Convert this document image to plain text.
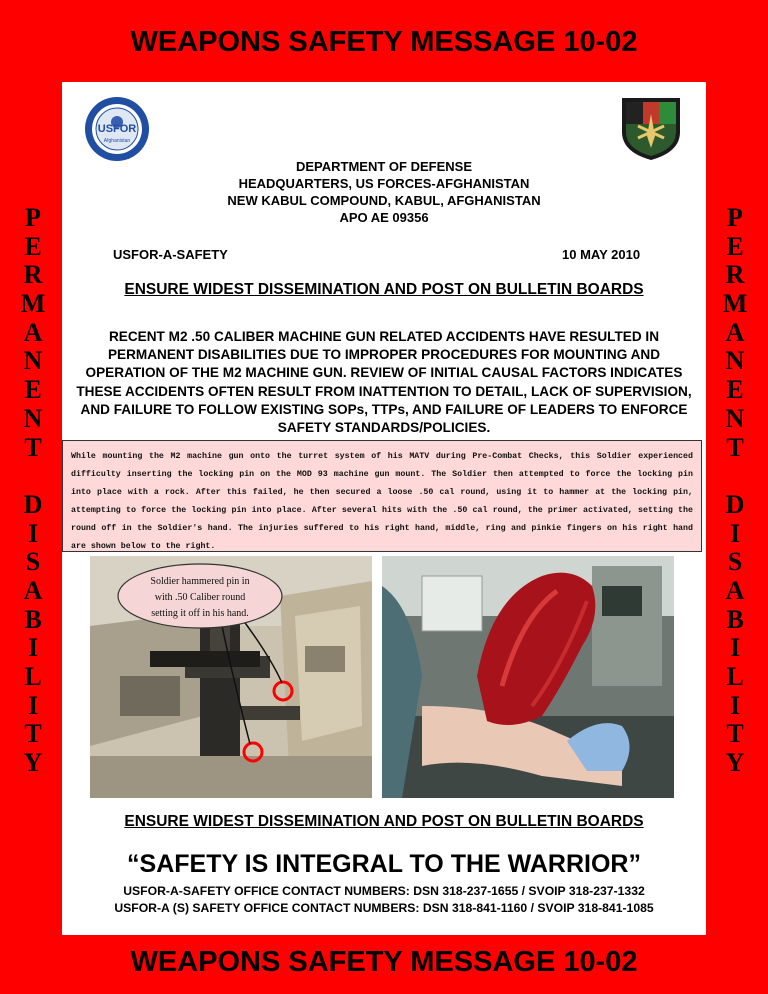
WEAPONS SAFETY MESSAGE 10-02
P
E
R
M
A
N
E
N
T
D
I
S
A
B
I
L
I
T
Y
P
E
R
M
A
N
E
N
T
D
I
S
A
B
I
L
I
T
Y
USFOR
Afghanistan
DEPARTMENT OF DEFENSE
HEADQUARTERS, US FORCES-AFGHANISTAN
NEW KABUL COMPOUND, KABUL, AFGHANISTAN
APO AE 09356
USFOR-A-SAFETY	10 MAY 2010
ENSURE WIDEST DISSEMINATION AND POST ON BULLETIN BOARDS
RECENT M2 .50 CALIBER MACHINE GUN RELATED ACCIDENTS HAVE RESULTED IN PERMANENT DISABILITIES DUE TO IMPROPER PROCEDURES FOR MOUNTING AND OPERATION OF THE M2 MACHINE GUN. REVIEW OF INITIAL CAUSAL FACTORS INDICATES THESE ACCIDENTS OFTEN RESULT FROM INATTENTION TO DETAIL, LACK OF SUPERVISION, AND FAILURE TO FOLLOW EXISTING SOPs, TTPs, AND FAILURE OF LEADERS TO ENFORCE SAFETY STANDARDS/POLICIES.
Soldier hammered pin in
with .50 Caliber round
setting it off in his hand.
ENSURE WIDEST DISSEMINATION AND POST ON BULLETIN BOARDS
“SAFETY IS INTEGRAL TO THE WARRIOR”
USFOR-A-SAFETY OFFICE CONTACT NUMBERS: DSN 318-237-1655 / SVOIP 318-237-1332
USFOR-A (S) SAFETY OFFICE CONTACT NUMBERS: DSN 318-841-1160 / SVOIP 318-841-1085
While mounting the M2 machine gun onto the turret system of his MATV during Pre-Combat Checks, this Soldier experienced difficulty inserting the locking pin on the MOD 93 machine gun mount. The Soldier then attempted to force the locking pin into place with a rock. After this failed, he then secured a loose .50 cal round, using it to hammer at the locking pin, attempting to force the locking pin into place. After several hits with the .50 cal round, the primer activated, setting the round off in the Soldier's hand. The injuries suffered to his right hand, middle, ring and pinkie fingers on his right hand are shown below to the right.
WEAPONS SAFETY MESSAGE 10-02
